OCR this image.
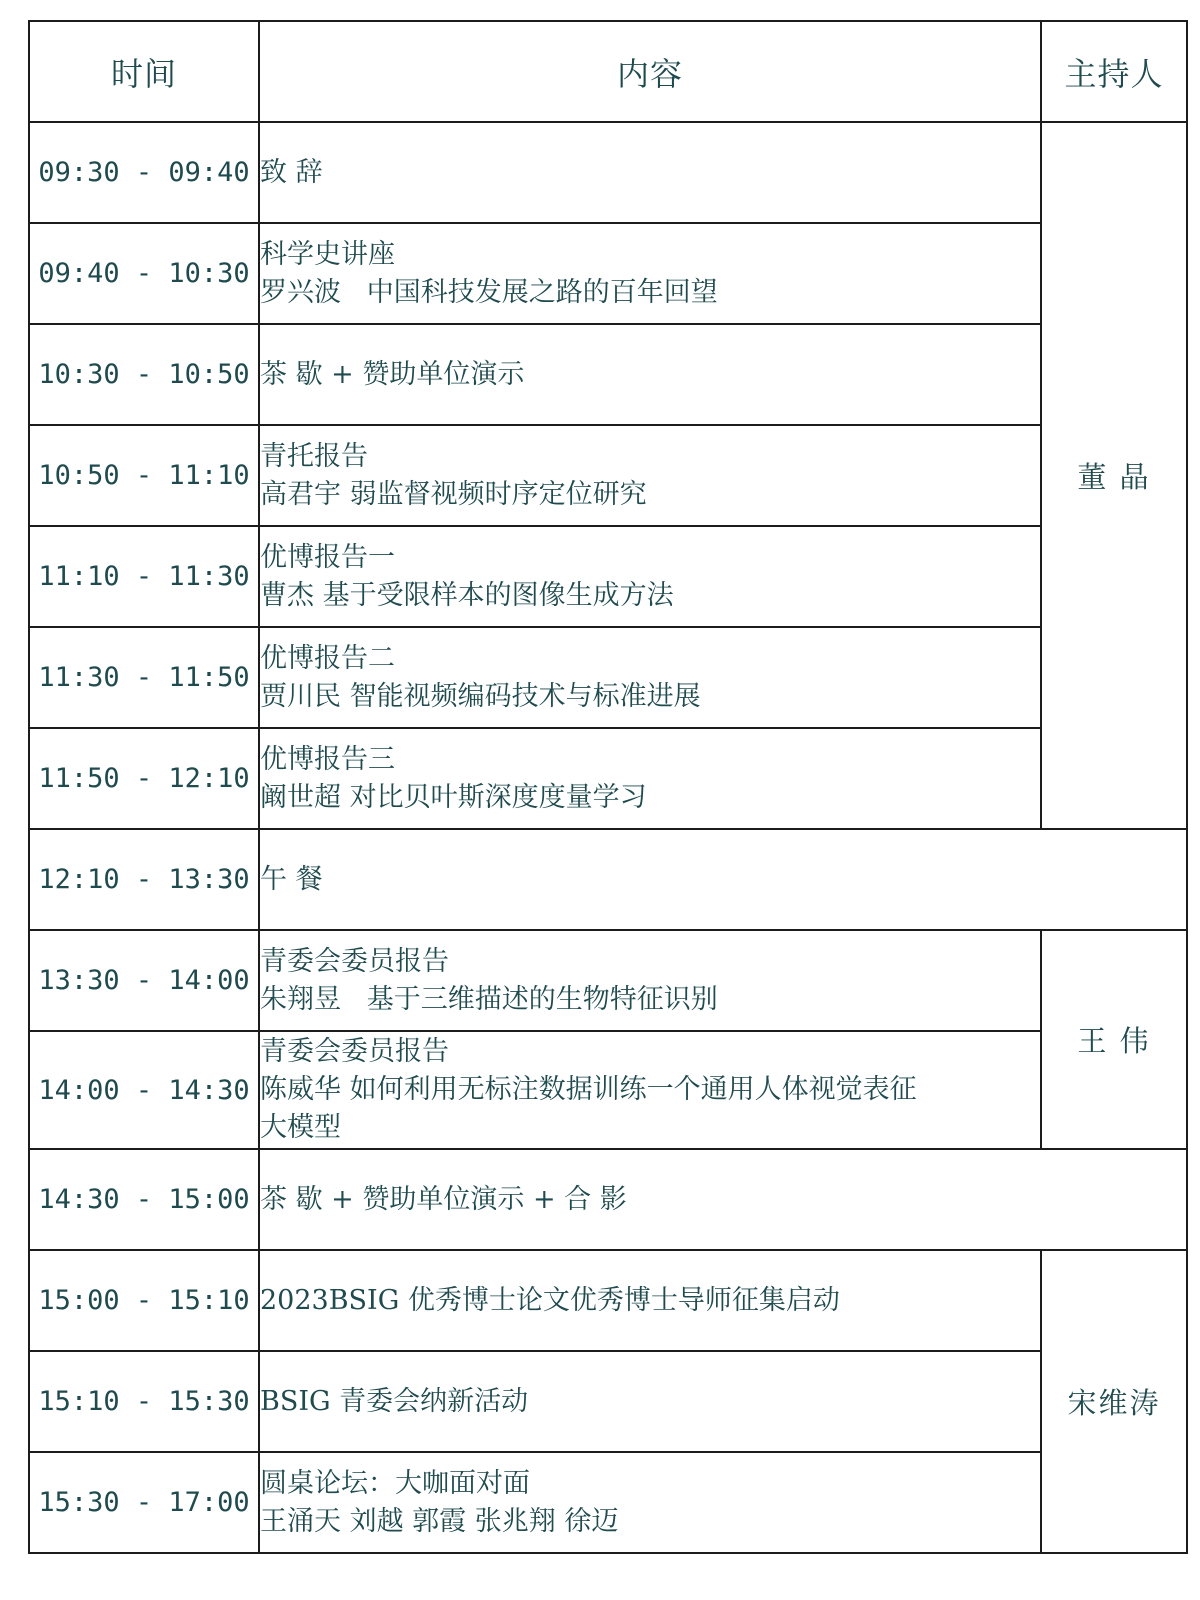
时间	内容	主持人
09:30 - 09:40	致 辞	董 晶
09:40 - 10:30	科学史讲座
罗兴波   中国科技发展之路的百年回望	

10:30 - 10:50	茶 歇 + 赞助单位演示	

10:50 - 11:10	青托报告
高君宇 弱监督视频时序定位研究	

11:10 - 11:30	优博报告一
曹杰 基于受限样本的图像生成方法	

11:30 - 11:50	优博报告二
贾川民 智能视频编码技术与标准进展	

11:50 - 12:10	优博报告三
阚世超 对比贝叶斯深度度量学习	

12:10 - 13:30	午 餐	

13:30 - 14:00	青委会委员报告
朱翔昱   基于三维描述的生物特征识别	王 伟
14:00 - 14:30	青委会委员报告
陈威华 如何利用无标注数据训练一个通用人体视觉表征
大模型	

14:30 - 15:00	茶 歇 + 赞助单位演示 + 合 影	

15:00 - 15:10	2023BSIG 优秀博士论文优秀博士导师征集启动	宋维涛
15:10 - 15:30	BSIG 青委会纳新活动	

15:30 - 17:00	圆桌论坛：大咖面对面
王涌天 刘越 郭霞 张兆翔 徐迈	
